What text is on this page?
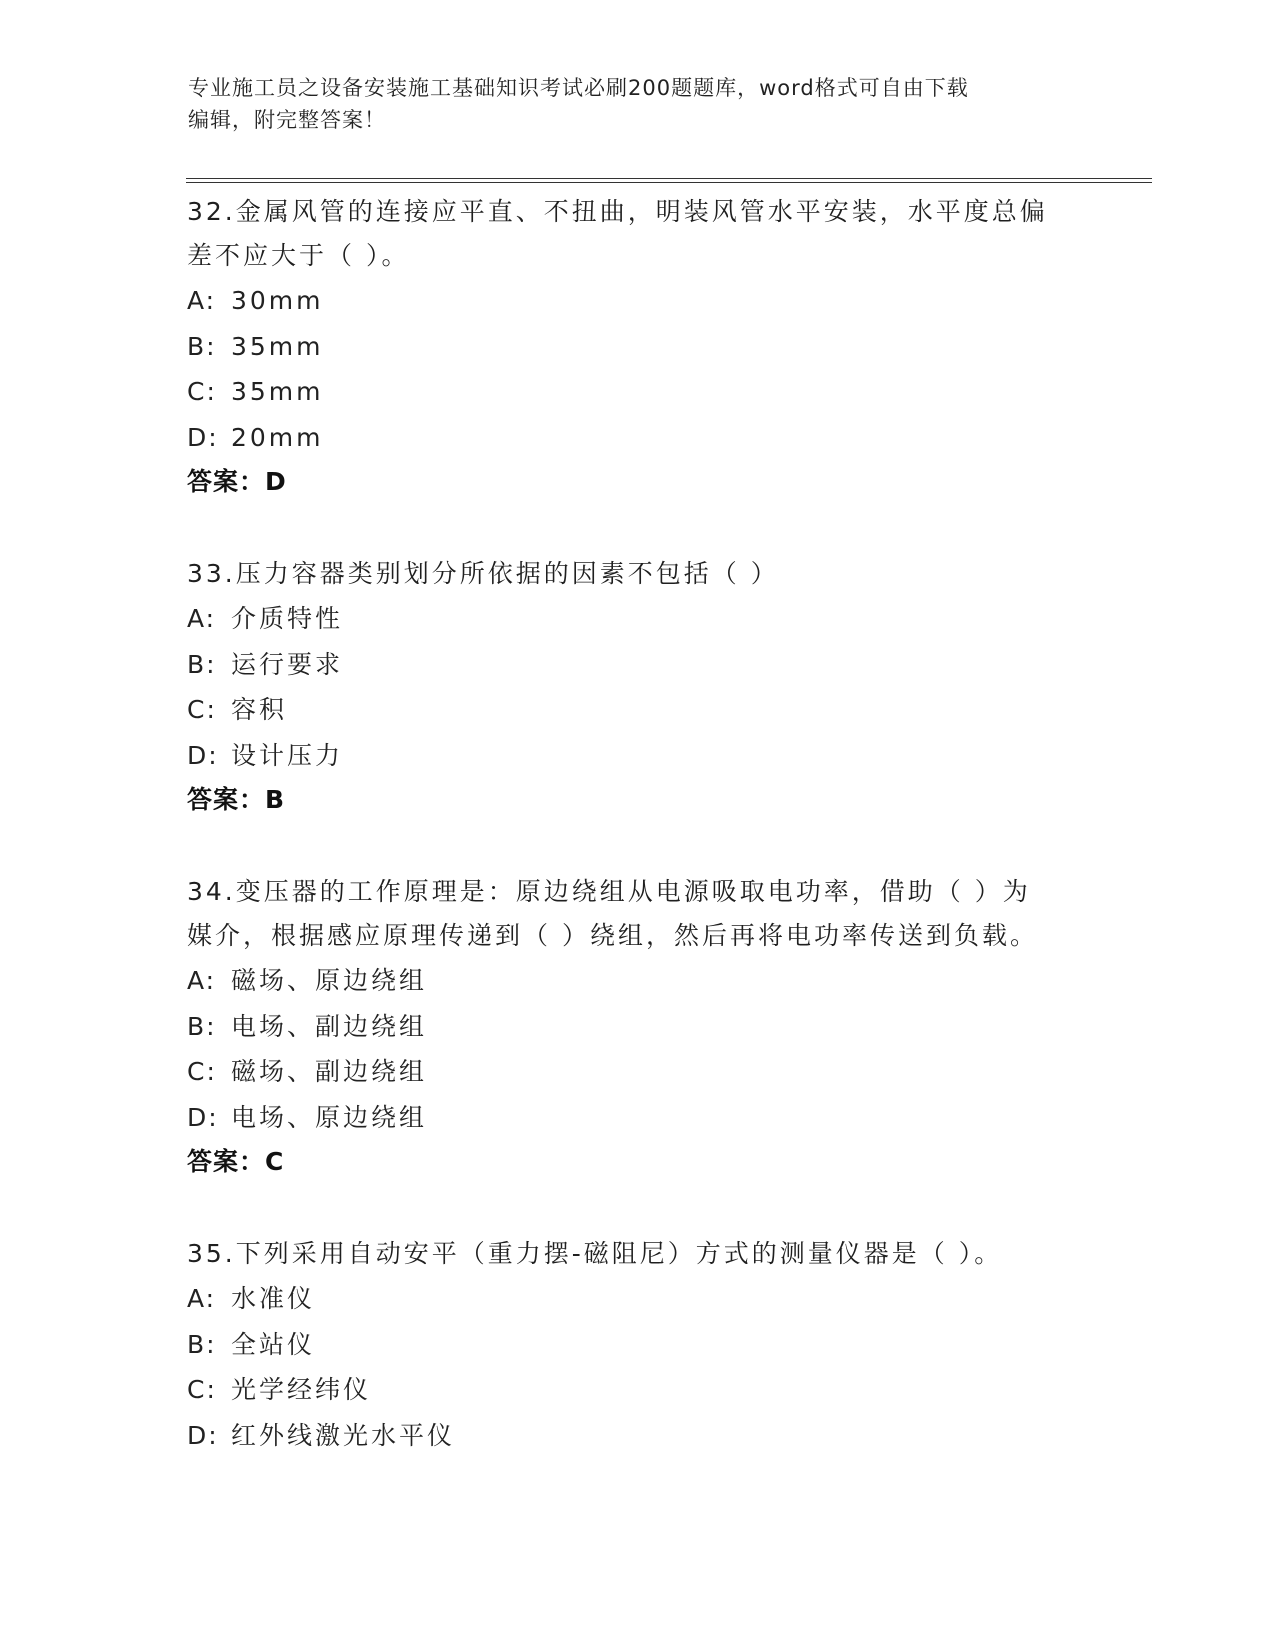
专业施工员之设备安装施工基础知识考试必刷200题题库，word格式可自由下载
编辑，附完整答案！
32.金属风管的连接应平直、不扭曲，明装风管水平安装，水平度总偏
差不应大于（ ）。
A: 30mm
B: 35mm
C: 35mm
D: 20mm
答案：D
33.压力容器类别划分所依据的因素不包括（ ）
A: 介质特性
B: 运行要求
C: 容积
D: 设计压力
答案：B
34.变压器的工作原理是：原边绕组从电源吸取电功率，借助（ ）为
媒介，根据感应原理传递到（ ）绕组，然后再将电功率传送到负载。
A: 磁场、原边绕组
B: 电场、副边绕组
C: 磁场、副边绕组
D: 电场、原边绕组
答案：C
35.下列采用自动安平（重力摆-磁阻尼）方式的测量仪器是（ ）。
A: 水准仪
B: 全站仪
C: 光学经纬仪
D: 红外线激光水平仪
